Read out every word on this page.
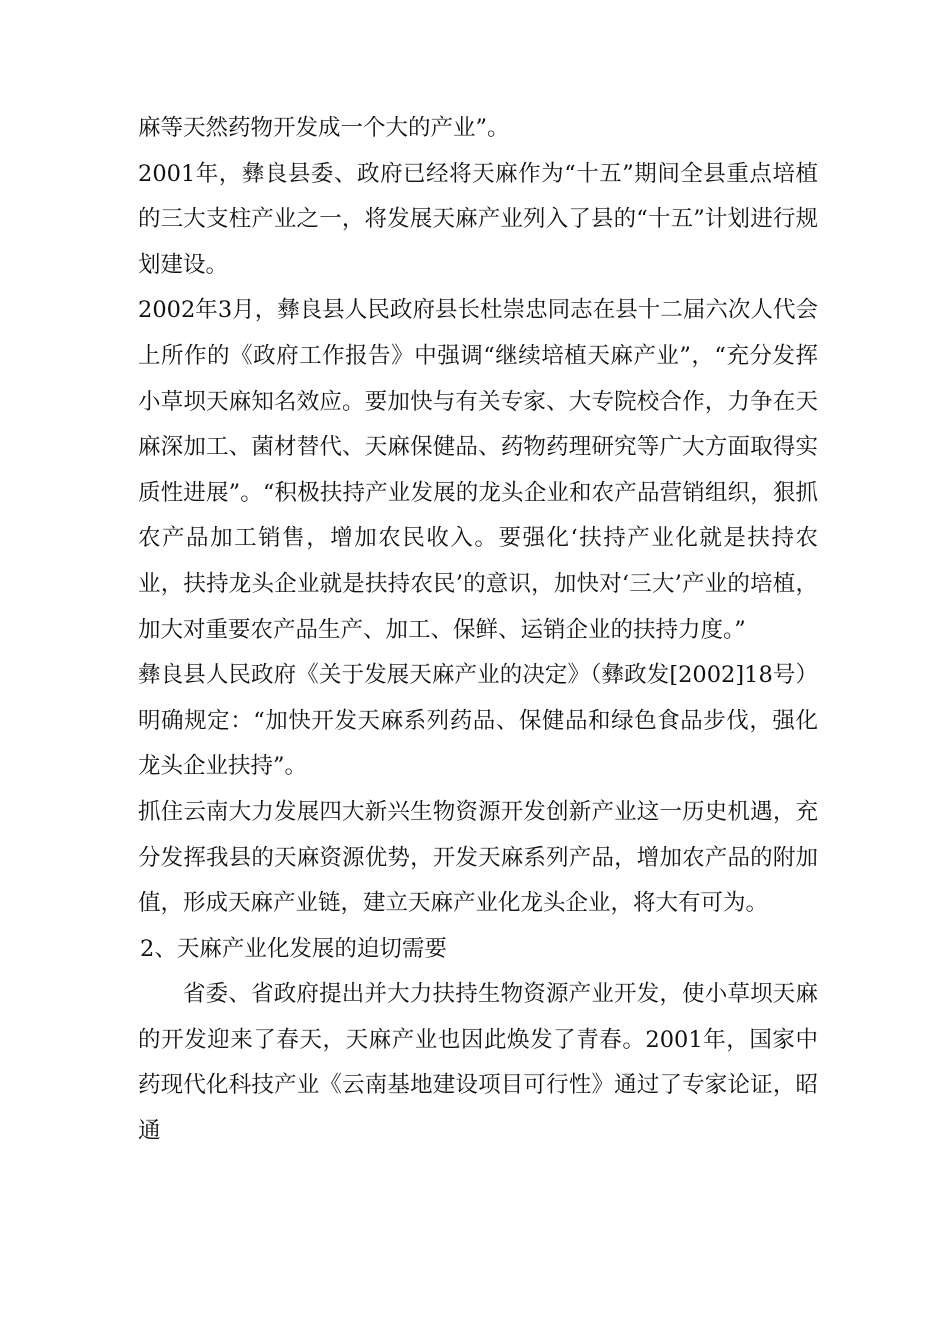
麻等天然药物开发成一个大的产业”。

2001年，彝良县委、政府已经将天麻作为“十五”期间全县重点培植的三大支柱产业之一，将发展天麻产业列入了县的“十五”计划进行规划建设。

2002年3月，彝良县人民政府县长杜崇忠同志在县十二届六次人代会上所作的《政府工作报告》中强调“继续培植天麻产业”，“充分发挥小草坝天麻知名效应。要加快与有关专家、大专院校合作，力争在天麻深加工、菌材替代、天麻保健品、药物药理研究等广大方面取得实质性进展”。“积极扶持产业发展的龙头企业和农产品营销组织，狠抓农产品加工销售，增加农民收入。要强化‘扶持产业化就是扶持农业，扶持龙头企业就是扶持农民’的意识，加快对‘三大’产业的培植，加大对重要农产品生产、加工、保鲜、运销企业的扶持力度。”

彝良县人民政府《关于发展天麻产业的决定》（彝政发[2002]18号）明确规定：“加快开发天麻系列药品、保健品和绿色食品步伐，强化龙头企业扶持”。

抓住云南大力发展四大新兴生物资源开发创新产业这一历史机遇，充分发挥我县的天麻资源优势，开发天麻系列产品，增加农产品的附加值，形成天麻产业链，建立天麻产业化龙头企业，将大有可为。

2、天麻产业化发展的迫切需要

省委、省政府提出并大力扶持生物资源产业开发，使小草坝天麻的开发迎来了春天，天麻产业也因此焕发了青春。2001年，国家中药现代化科技产业《云南基地建设项目可行性》通过了专家论证，昭通
